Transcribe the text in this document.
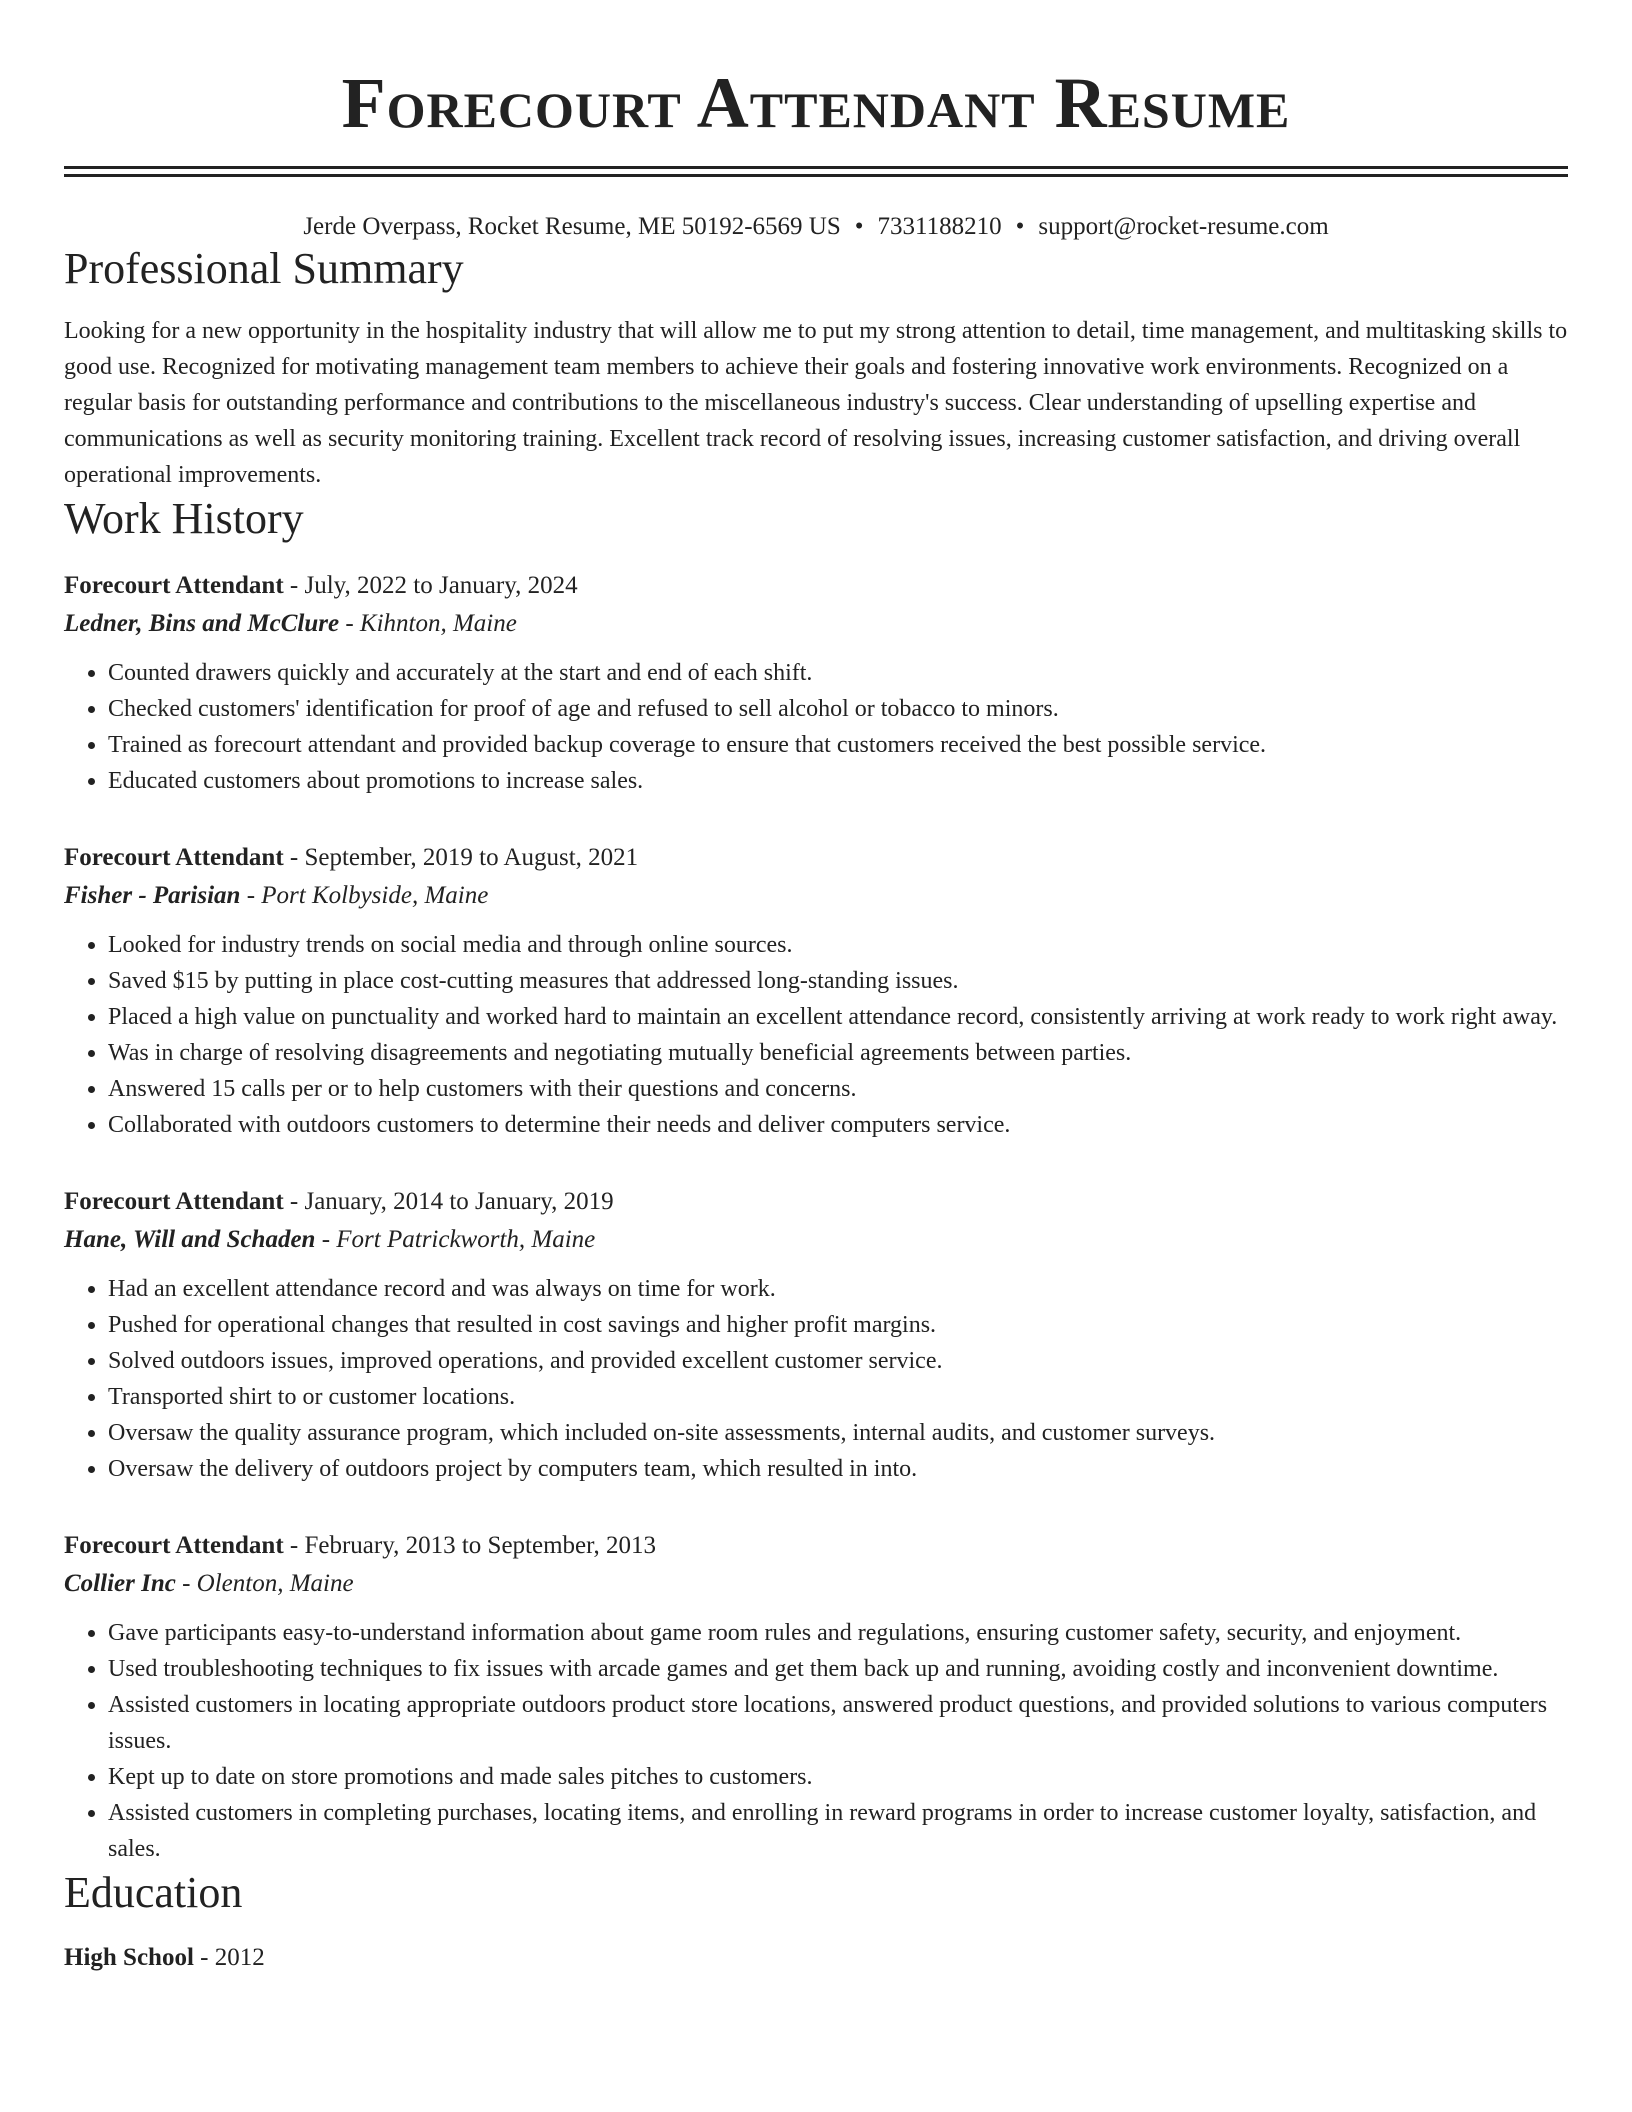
Forecourt Attendant Resume
Jerde Overpass, Rocket Resume, ME 50192-6569 US • 7331188210 • support@rocket-resume.com
Professional Summary
Looking for a new opportunity in the hospitality industry that will allow me to put my strong attention to detail, time management, and multitasking skills to good use. Recognized for motivating management team members to achieve their goals and fostering innovative work environments. Recognized on a regular basis for outstanding performance and contributions to the miscellaneous industry's success. Clear understanding of upselling expertise and communications as well as security monitoring training. Excellent track record of resolving issues, increasing customer satisfaction, and driving overall operational improvements.
Work History
Forecourt Attendant - July, 2022 to January, 2024
Ledner, Bins and McClure - Kihnton, Maine
• Counted drawers quickly and accurately at the start and end of each shift.
• Checked customers' identification for proof of age and refused to sell alcohol or tobacco to minors.
• Trained as forecourt attendant and provided backup coverage to ensure that customers received the best possible service.
• Educated customers about promotions to increase sales.
Forecourt Attendant - September, 2019 to August, 2021
Fisher - Parisian - Port Kolbyside, Maine
• Looked for industry trends on social media and through online sources.
• Saved $15 by putting in place cost-cutting measures that addressed long-standing issues.
• Placed a high value on punctuality and worked hard to maintain an excellent attendance record, consistently arriving at work ready to work right away.
• Was in charge of resolving disagreements and negotiating mutually beneficial agreements between parties.
• Answered 15 calls per or to help customers with their questions and concerns.
• Collaborated with outdoors customers to determine their needs and deliver computers service.
Forecourt Attendant - January, 2014 to January, 2019
Hane, Will and Schaden - Fort Patrickworth, Maine
• Had an excellent attendance record and was always on time for work.
• Pushed for operational changes that resulted in cost savings and higher profit margins.
• Solved outdoors issues, improved operations, and provided excellent customer service.
• Transported shirt to or customer locations.
• Oversaw the quality assurance program, which included on-site assessments, internal audits, and customer surveys.
• Oversaw the delivery of outdoors project by computers team, which resulted in into.
Forecourt Attendant - February, 2013 to September, 2013
Collier Inc - Olenton, Maine
• Gave participants easy-to-understand information about game room rules and regulations, ensuring customer safety, security, and enjoyment.
• Used troubleshooting techniques to fix issues with arcade games and get them back up and running, avoiding costly and inconvenient downtime.
• Assisted customers in locating appropriate outdoors product store locations, answered product questions, and provided solutions to various computers issues.
• Kept up to date on store promotions and made sales pitches to customers.
• Assisted customers in completing purchases, locating items, and enrolling in reward programs in order to increase customer loyalty, satisfaction, and sales.
Education
High School - 2012
